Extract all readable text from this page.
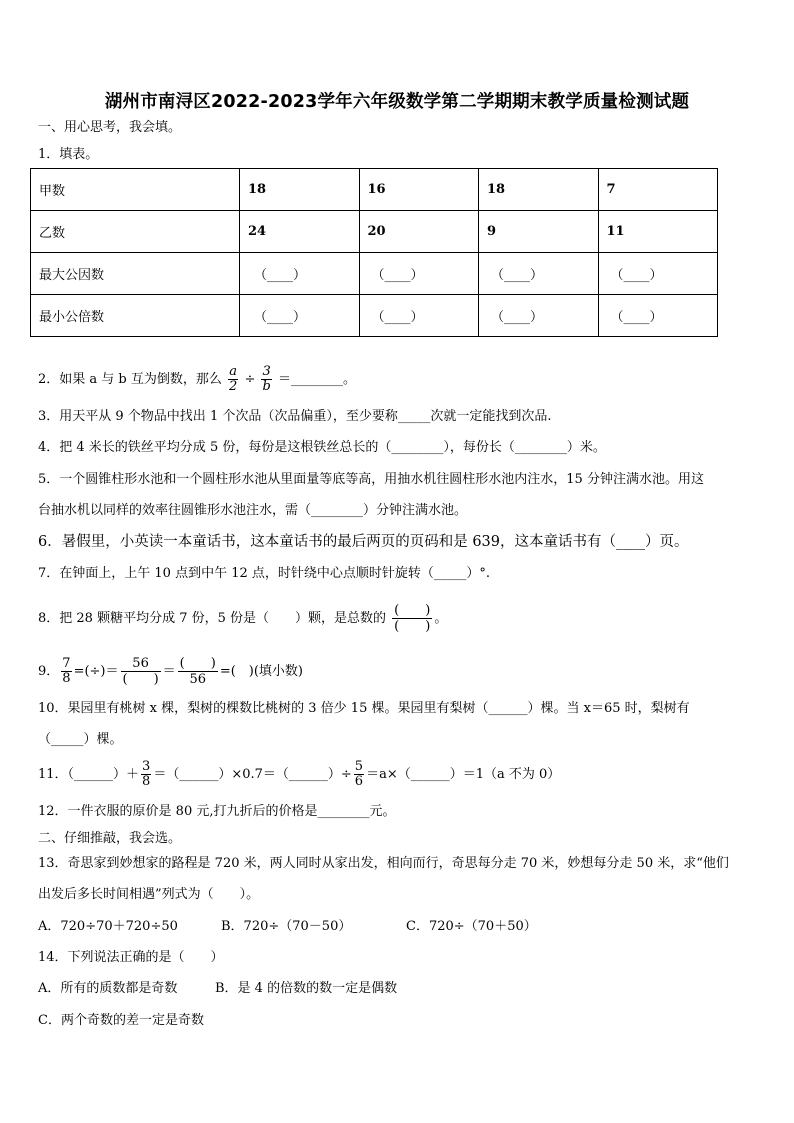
湖州市南浔区2022-2023学年六年级数学第二学期期末教学质量检测试题
一、用心思考，我会填。
1．填表。
甲数	18	16	18	7
乙数	24	20	9	11
最大公因数	（____）	（____）	（____）	（____）
最小公倍数	（____）	（____）	（____）	（____）
2．如果 a 与 b 互为倒数，那么 $\frac{a}{2} \div \frac{3}{b}$ ＝________。
3．用天平从 9 个物品中找出 1 个次品（次品偏重），至少要称_____次就一定能找到次品.
4．把 4 米长的铁丝平均分成 5 份，每份是这根铁丝总长的（________），每份长（________）米。
5．一个圆锥柱形水池和一个圆柱形水池从里面量等底等高，用抽水机往圆柱形水池内注水，15 分钟注满水池。用这
台抽水机以同样的效率往圆锥形水池注水，需（________）分钟注满水池。
6．暑假里，小英读一本童话书，这本童话书的最后两页的页码和是 639，这本童话书有（____）页。
7．在钟面上，上午 10 点到中午 12 点，时针绕中心点顺时针旋转（_____）°.
8．把 28 颗糖平均分成 7 份，5 份是（　　）颗，是总数的
(　　)
(　　)
。
9． $\frac{7}{8}$ =(÷)＝
56
(　　)
＝
(　　)
56
=(　)(填小数)
10．果园里有桃树 x 棵，梨树的棵数比桃树的 3 倍少 15 棵。果园里有梨树（______）棵。当 x＝65 时，梨树有
（_____）棵。
11．（______）＋ $\frac{3}{8}$ ＝（______）×0.7＝（______）÷ $\frac{5}{6}$ ＝a×（______）＝1（a 不为 0）
12．一件衣服的原价是 80 元,打九折后的价格是________元。
二、仔细推敲，我会选。
13．奇思家到妙想家的路程是 720 米，两人同时从家出发，相向而行，奇思每分走 70 米，妙想每分走 50 米，求“他们
出发后多长时间相遇”列式为（　　）。
A．720÷70＋720÷50	B．720÷（70－50）	C．720÷（70＋50）
14．下列说法正确的是（　　）
A．所有的质数都是奇数	B．是 4 的倍数的数一定是偶数
C．两个奇数的差一定是奇数
